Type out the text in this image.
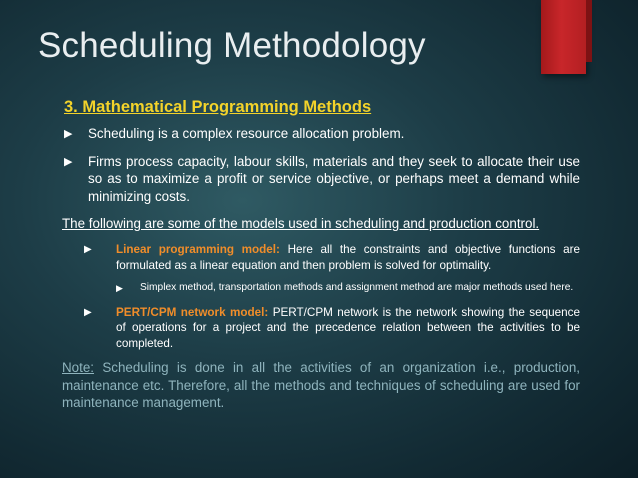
Scheduling Methodology
3. Mathematical Programming Methods
▶	Scheduling is a complex resource allocation problem.
▶	Firms process capacity, labour skills, materials and they seek to allocate their use so as to maximize a profit or service objective, or perhaps meet a demand while minimizing costs.
The following are some of the models used in scheduling and production control.
▶	Linear programming model: Here all the constraints and objective functions are formulated as a linear equation and then problem is solved for optimality.
▶	Simplex method, transportation methods and assignment method are major methods used here.
▶	PERT/CPM network model: PERT/CPM network is the network showing the sequence of operations for a project and the precedence relation between the activities to be completed.
Note: Scheduling is done in all the activities of an organization i.e., production, maintenance etc. Therefore, all the methods and techniques of scheduling are used for maintenance management.
